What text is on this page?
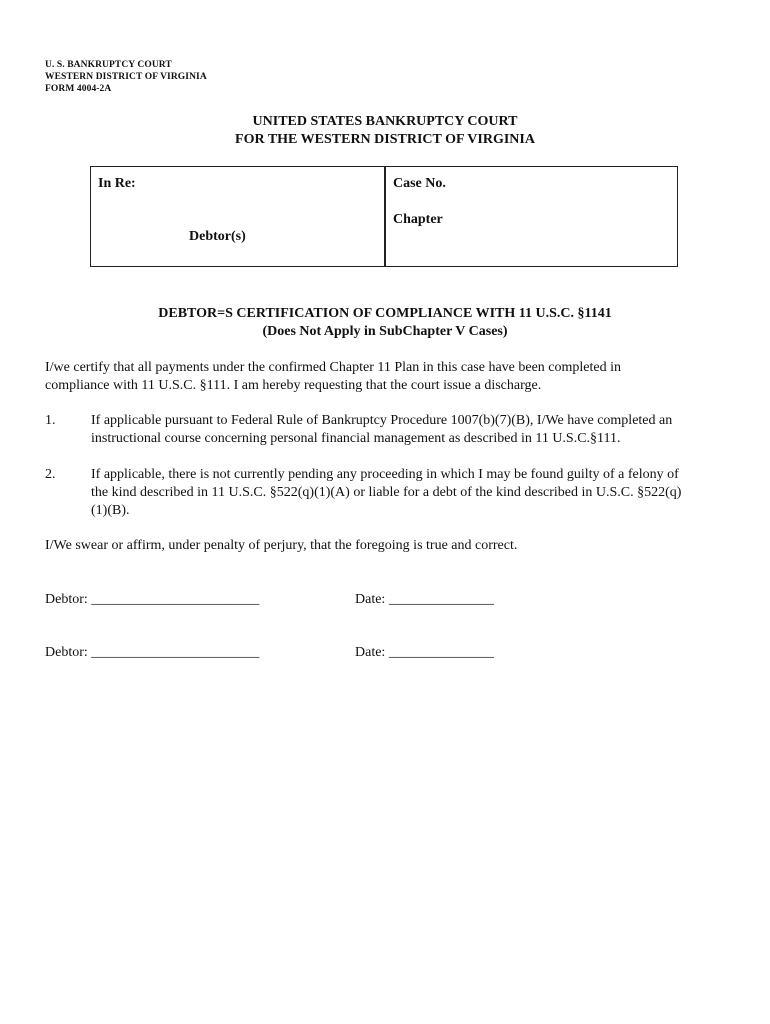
U. S. BANKRUPTCY COURT
WESTERN DISTRICT OF VIRGINIA
FORM 4004-2A
UNITED STATES BANKRUPTCY COURT
FOR THE WESTERN DISTRICT OF VIRGINIA
In Re:
Debtor(s)
Case No.
Chapter
DEBTOR=S CERTIFICATION OF COMPLIANCE WITH 11 U.S.C. §1141
(Does Not Apply in SubChapter V Cases)
I/we certify that all payments under the confirmed Chapter 11 Plan in this case have been completed in
compliance with 11 U.S.C. §111. I am hereby requesting that the court issue a discharge.
1.	If applicable pursuant to Federal Rule of Bankruptcy Procedure 1007(b)(7)(B), I/We have completed an
instructional course concerning personal financial management as described in 11 U.S.C.§111.
2.	If applicable, there is not currently pending any proceeding in which I may be found guilty of a felony of
the kind described in 11 U.S.C. §522(q)(1)(A) or liable for a debt of the kind described in U.S.C. §522(q)
(1)(B).
I/We swear or affirm, under penalty of perjury, that the foregoing is true and correct.
Debtor: ________________________	Date: _______________
Debtor: ________________________	Date: _______________
